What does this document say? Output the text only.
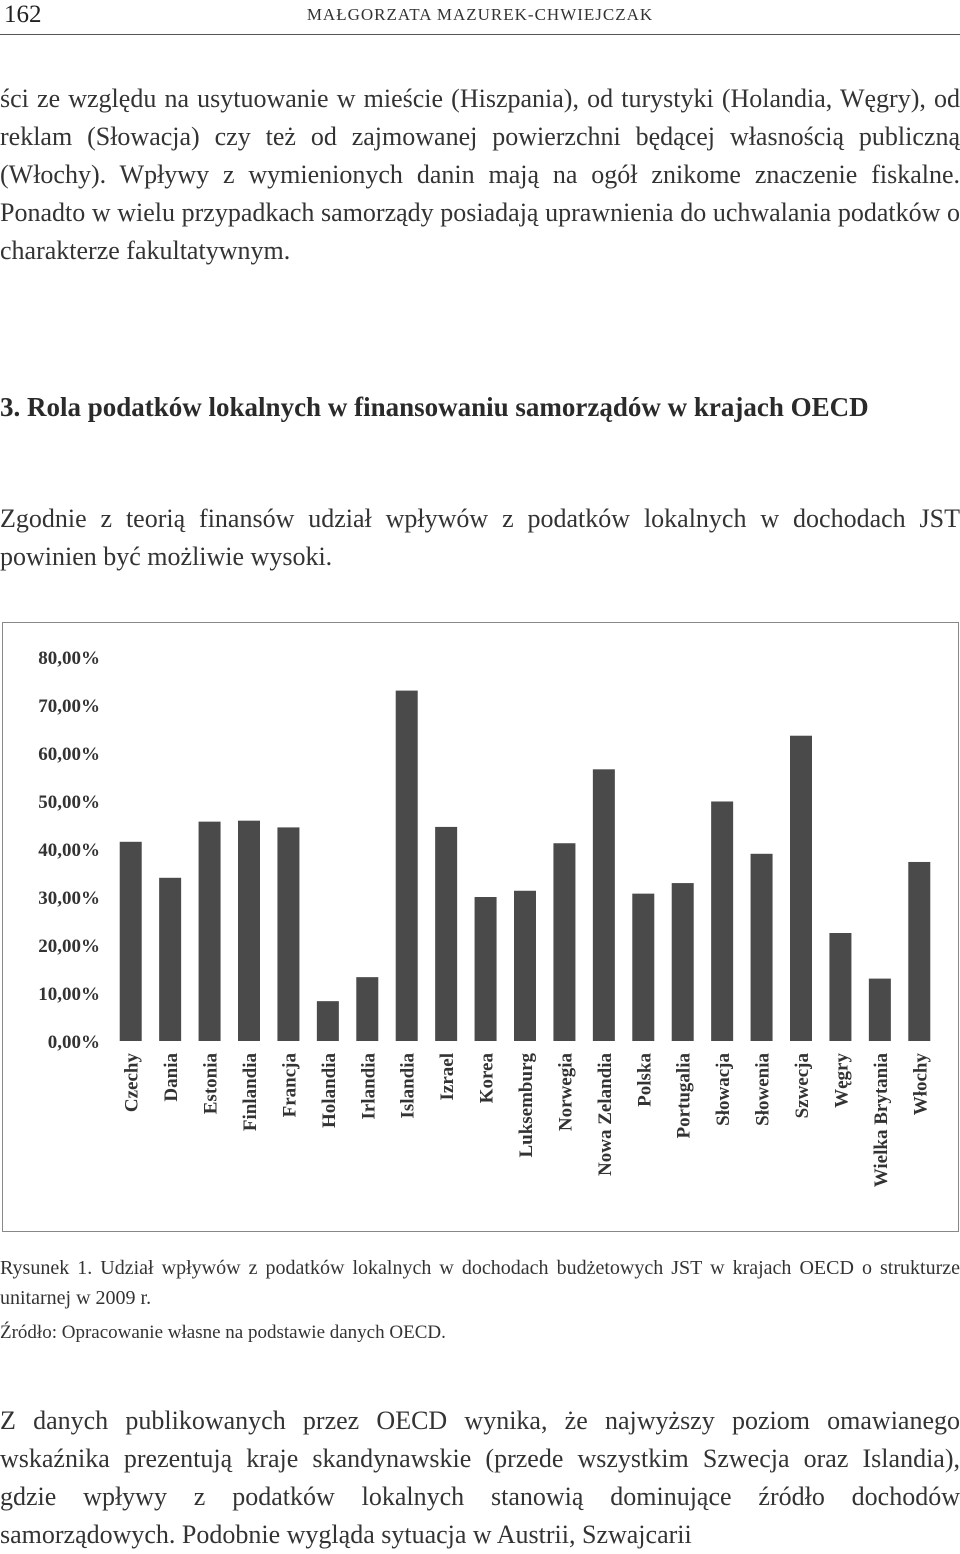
162	MAŁGORZATA MAZUREK-CHWIEJCZAK

ści ze względu na usytuowanie w mieście (Hiszpania), od turystyki (Holandia, Węgry), od reklam (Słowacja) czy też od zajmowanej powierzchni będącej własnością publiczną (Włochy). Wpływy z wymienionych danin mają na ogół znikome znaczenie fiskalne. Ponadto w wielu przypadkach samorządy posiadają uprawnienia do uchwalania podatków o charakterze fakultatywnym.

3. Rola podatków lokalnych w finansowaniu samorządów w krajach OECD

Zgodnie z teorią finansów udział wpływów z podatków lokalnych w dochodach JST powinien być możliwie wysoki.

0,00%
10,00%
20,00%
30,00%
40,00%
50,00%
60,00%
70,00%
80,00%
Czechy Dania Estonia Finlandia Francja Holandia Irlandia Islandia Izrael Korea Luksemburg Norwegia Nowa Zelandia Polska Portugalia Słowacja Słowenia Szwecja Węgry Wielka Brytania Włochy

Rysunek 1. Udział wpływów z podatków lokalnych w dochodach budżetowych JST w krajach OECD o strukturze unitarnej w 2009 r.

Źródło: Opracowanie własne na podstawie danych OECD.

Z danych publikowanych przez OECD wynika, że najwyższy poziom omawianego wskaźnika prezentują kraje skandynawskie (przede wszystkim Szwecja oraz Islandia), gdzie wpływy z podatków lokalnych stanowią dominujące źródło dochodów samorządowych. Podobnie wygląda sytuacja w Austrii, Szwajcarii
